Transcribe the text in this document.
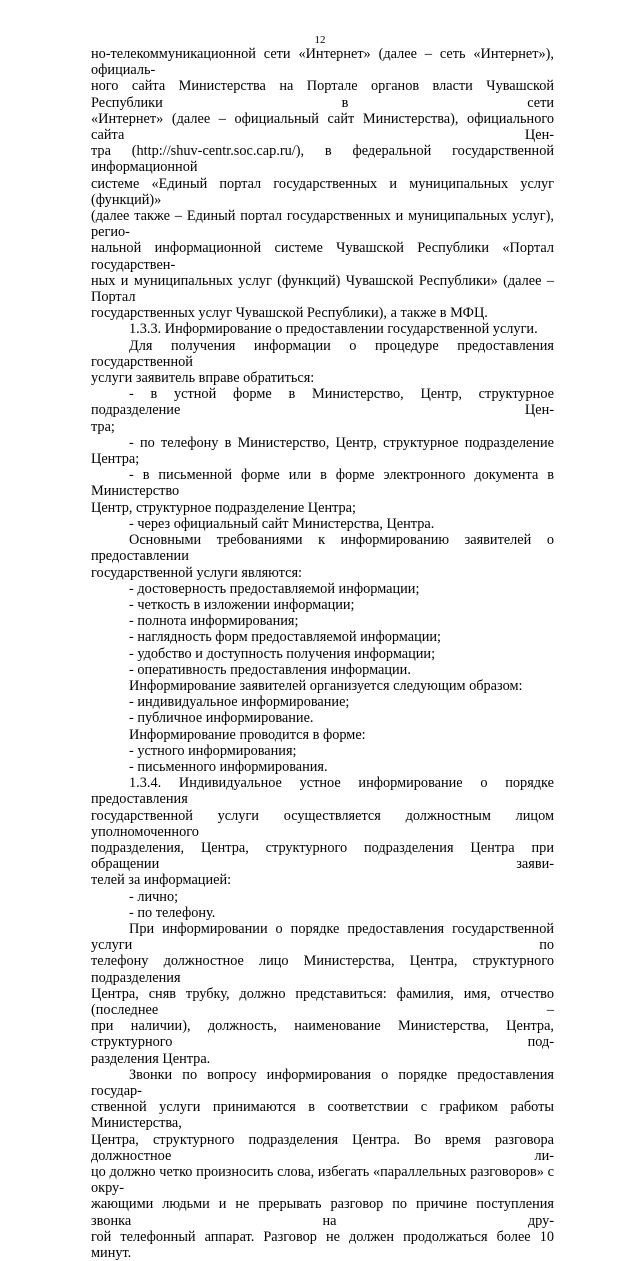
12

но-телекоммуникационной сети «Интернет» (далее – сеть «Интернет»), официаль-

ного сайта Министерства на Портале органов власти Чувашской Республики в сети

«Интернет» (далее – официальный сайт Министерства), официального сайта Цен-

тра (http://shuv-centr.soc.cap.ru/), в федеральной государственной информационной

системе «Единый портал государственных и муниципальных услуг (функций)»

(далее также – Единый портал государственных и муниципальных услуг), регио-

нальной информационной системе Чувашской Республики «Портал государствен-

ных и муниципальных услуг (функций) Чувашской Республики» (далее – Портал

государственных услуг Чувашской Республики), а также в МФЦ.

1.3.3. Информирование о предоставлении государственной услуги.

Для получения информации о процедуре предоставления государственной

услуги заявитель вправе обратиться:

- в устной форме в Министерство, Центр, структурное подразделение Цен-

тра;

- по телефону в Министерство, Центр, структурное подразделение Центра;

- в письменной форме или в форме электронного документа в Министерство

Центр, структурное подразделение Центра;

- через официальный сайт Министерства, Центра.

Основными требованиями к информированию заявителей о предоставлении

государственной услуги являются:

- достоверность предоставляемой информации;

- четкость в изложении информации;

- полнота информирования;

- наглядность форм предоставляемой информации;

- удобство и доступность получения информации;

- оперативность предоставления информации.

Информирование заявителей организуется следующим образом:

- индивидуальное информирование;

- публичное информирование.

Информирование проводится в форме:

- устного информирования;

- письменного информирования.

1.3.4. Индивидуальное устное информирование о порядке предоставления

государственной услуги осуществляется должностным лицом уполномоченного

подразделения, Центра, структурного подразделения Центра при обращении заяви-

телей за информацией:

- лично;

- по телефону.

При информировании о порядке предоставления государственной услуги по

телефону должностное лицо Министерства, Центра, структурного подразделения

Центра, сняв трубку, должно представиться: фамилия, имя, отчество (последнее –

при наличии), должность, наименование Министерства, Центра, структурного под-

разделения Центра.

Звонки по вопросу информирования о порядке предоставления государ-

ственной услуги принимаются в соответствии с графиком работы Министерства,

Центра, структурного подразделения Центра. Во время разговора должностное ли-

цо должно четко произносить слова, избегать «параллельных разговоров» с окру-

жающими людьми и не прерывать разговор по причине поступления звонка на дру-

гой телефонный аппарат. Разговор не должен продолжаться более 10 минут.
